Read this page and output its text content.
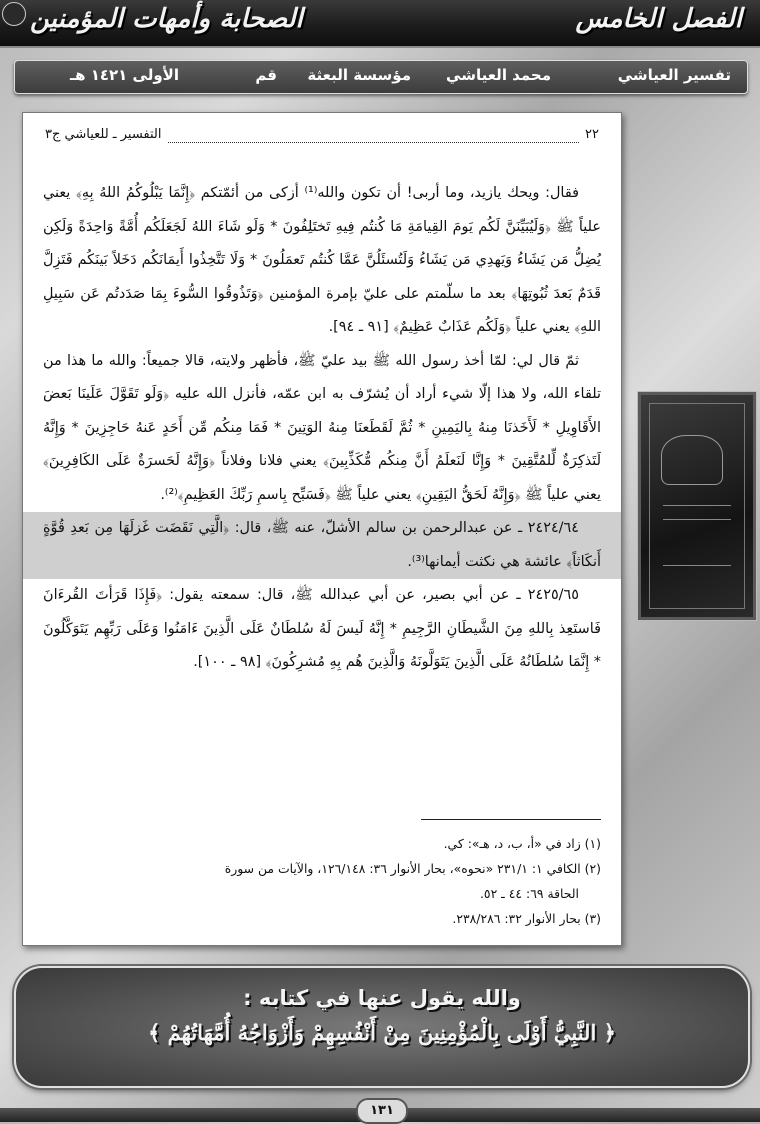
الفصل الخامس
الصحابة وأمهات المؤمنين
تفسير العياشي
محمد العياشي
مؤسسة البعثة
قم
الأولى ١٤٢١ هـ
٢٢
التفسير ـ للعياشي ج٣

فقال: ويحك يازيد، وما أربى! أن تكون والله⁽¹⁾ أزكى من أئمّتكم ﴿إِنَّمَا يَبْلُوكُمُ اللهُ بِهِ﴾ يعني علياً ﷺ ﴿وَلَيُبَيِّنَنَّ لَكُم يَومَ القِيامَةِ مَا كُنتُم فِيهِ تَختَلِفُونَ * وَلَو شَاءَ اللهُ لَجَعَلَكُم أُمَّةً وَاحِدَةً وَلَكِن يُضِلُّ مَن يَشَاءُ وَيَهدِي مَن يَشَاءُ وَلَتُسئَلُنَّ عَمَّا كُنتُم تَعمَلُونَ * وَلَا تَتَّخِذُوا أَيمَانَكُم دَخَلاً بَينَكُم فَتَزِلَّ قَدَمٌ بَعدَ ثُبُوتِهَا﴾ بعد ما سلّمتم على عليّ بإمرة المؤمنين ﴿وَتَذُوقُوا السُّوءَ بِمَا صَدَدتُم عَن سَبِيلِ اللهِ﴾ يعني علياً ﴿وَلَكُم عَذَابٌ عَظِيمٌ﴾ [٩١ ـ ٩٤].

ثمّ قال لي: لمّا أخذ رسول الله ﷺ بيد عليّ ﷺ، فأظهر ولايته، قالا جميعاً: والله ما هذا من تلقاء الله، ولا هذا إلّا شيء أراد أن يُشرّف به ابن عمّه، فأنزل الله عليه ﴿وَلَو تَقَوَّلَ عَلَينَا بَعضَ الأَقَاوِيلِ * لَأَخَذنَا مِنهُ بِاليَمِينِ * ثُمَّ لَقَطَعنَا مِنهُ الوَتِينَ * فَمَا مِنكُم مِّن أَحَدٍ عَنهُ حَاجِزِينَ * وَإِنَّهُ لَتَذكِرَةٌ لِّلمُتَّقِينَ * وَإِنَّا لَنَعلَمُ أَنَّ مِنكُم مُّكَذِّبِينَ﴾ يعني فلانا وفلاناً ﴿وَإِنَّهُ لَحَسرَةٌ عَلَى الكَافِرِينَ﴾ يعني علياً ﷺ ﴿وَإِنَّهُ لَحَقُّ اليَقِينِ﴾ يعني علياً ﷺ ﴿فَسَبِّح بِاسمِ رَبِّكَ العَظِيمِ﴾⁽²⁾.

٢٤٢٤/٦٤ ـ عن عبدالرحمن بن سالم الأشلّ، عنه ﷺ، قال: ﴿الَّتِي نَقَضَت غَزلَهَا مِن بَعدِ قُوَّةٍ أَنكَاثاً﴾ عائشة هي نكثت أيمانها⁽³⁾.

٢٤٢٥/٦٥ ـ عن أبي بصير، عن أبي عبدالله ﷺ، قال: سمعته يقول: ﴿فَإِذَا قَرَأتَ القُرءَانَ فَاستَعِذ بِاللهِ مِنَ الشَّيطَانِ الرَّجِيمِ * إِنَّهُ لَيسَ لَهُ سُلطَانٌ عَلَى الَّذِينَ ءَامَنُوا وَعَلَى رَبِّهِم يَتَوَكَّلُونَ * إِنَّمَا سُلطَانُهُ عَلَى الَّذِينَ يَتَوَلَّونَهُ وَالَّذِينَ هُم بِهِ مُشرِكُونَ﴾ [٩٨ ـ ١٠٠].

(١) زاد في «أ، ب، د، هـ»: كي.

(٢) الكافي ١: ٢٣١/١ «نحوه»، بحار الأنوار ٣٦: ١٢٦/١٤٨، والآيات من سورة

الحاقة ٦٩: ٤٤ ـ ٥٢.

(٣) بحار الأنوار ٣٢: ٢٣٨/٢٨٦.

والله يقول عنها في كتابه :
﴿ النَّبِيُّ أَوْلَى بِالْمُؤْمِنِينَ مِنْ أَنْفُسِهِمْ وَأَزْوَاجُهُ أُمَّهَاتُهُمْ ﴾
١٣١
